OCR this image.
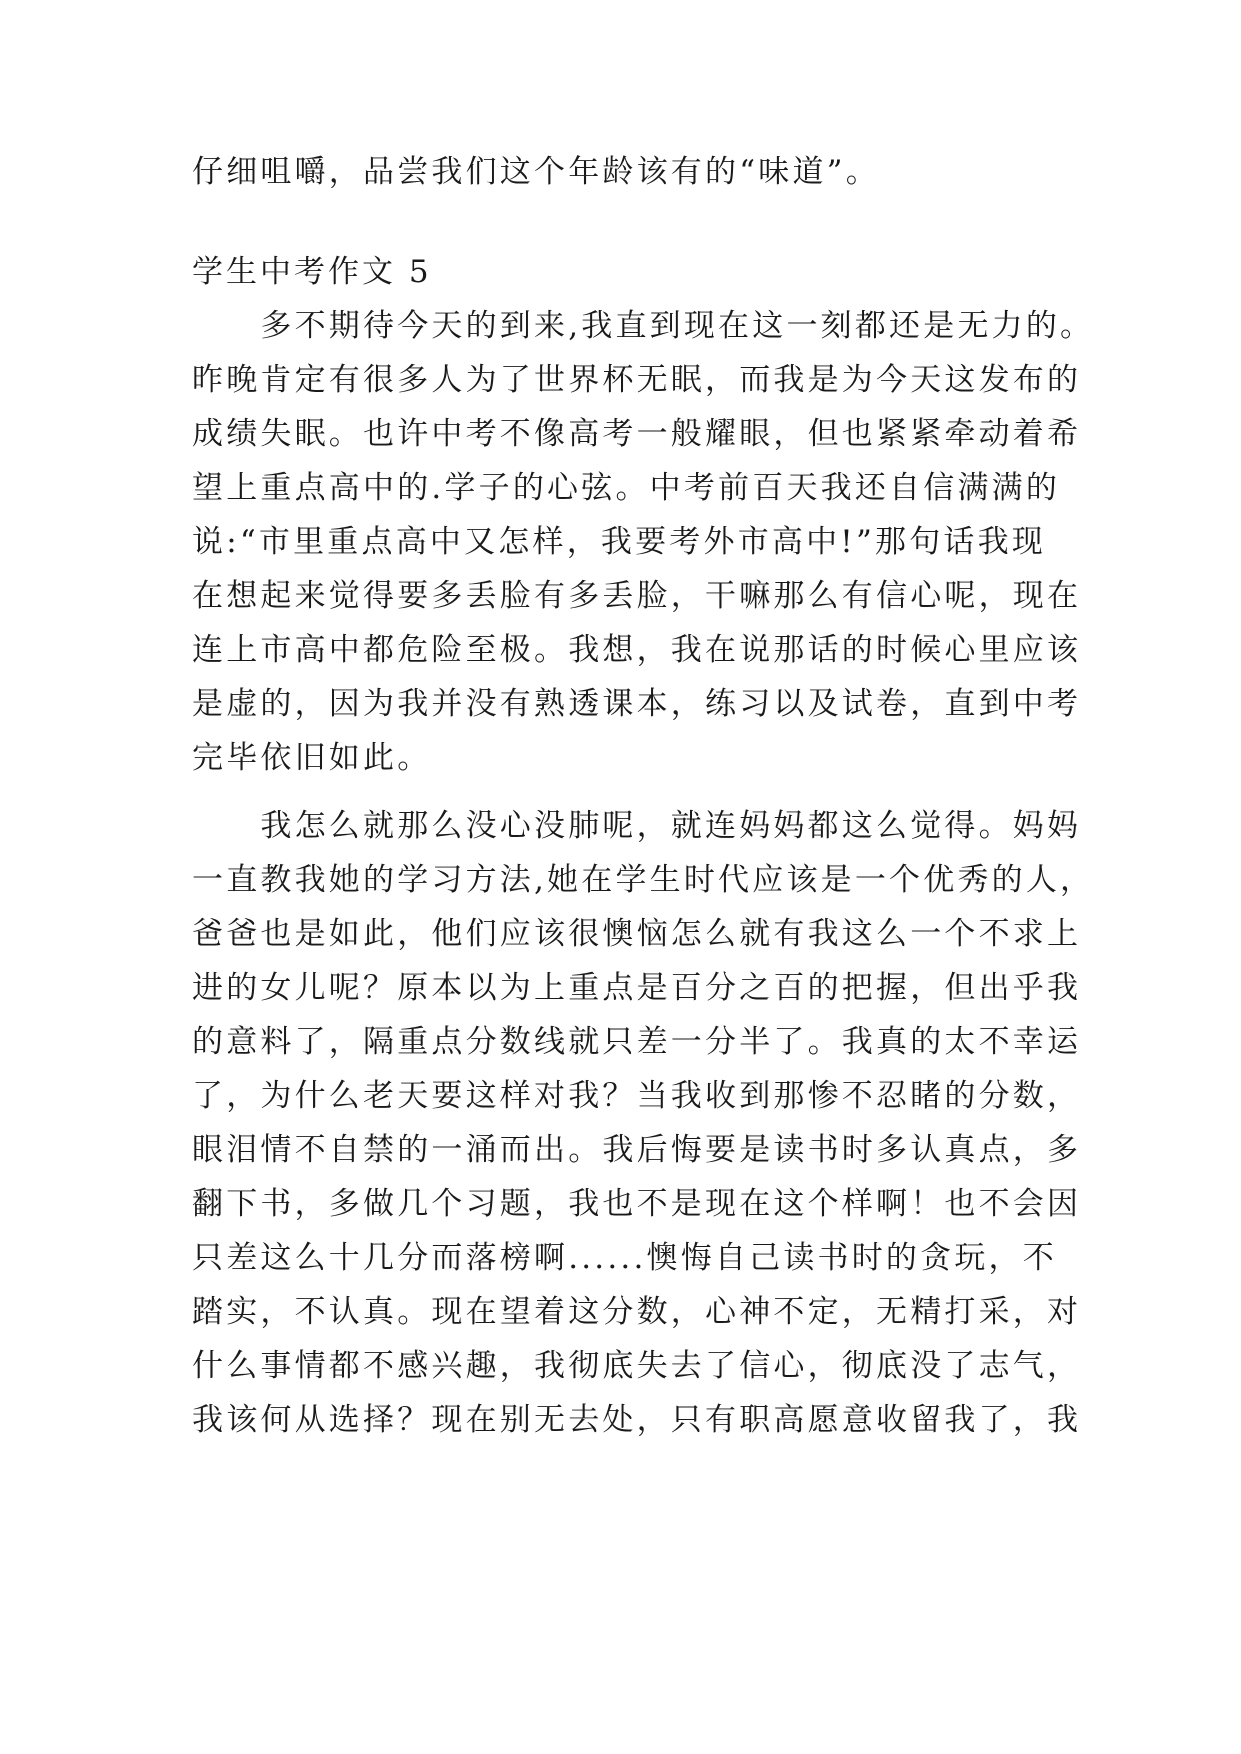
仔细咀嚼，品尝我们这个年龄该有的“味道”。
学生中考作文 5
　　多不期待今天的到来,我直到现在这一刻都还是无力的。
昨晚肯定有很多人为了世界杯无眠，而我是为今天这发布的
成绩失眠。也许中考不像高考一般耀眼，但也紧紧牵动着希
望上重点高中的.学子的心弦。中考前百天我还自信满满的
说:“市里重点高中又怎样，我要考外市高中!”那句话我现
在想起来觉得要多丢脸有多丢脸，干嘛那么有信心呢，现在
连上市高中都危险至极。我想，我在说那话的时候心里应该
是虚的，因为我并没有熟透课本，练习以及试卷，直到中考
完毕依旧如此。
　　我怎么就那么没心没肺呢，就连妈妈都这么觉得。妈妈
一直教我她的学习方法,她在学生时代应该是一个优秀的人，
爸爸也是如此，他们应该很懊恼怎么就有我这么一个不求上
进的女儿呢？原本以为上重点是百分之百的把握，但出乎我
的意料了，隔重点分数线就只差一分半了。我真的太不幸运
了，为什么老天要这样对我？当我收到那惨不忍睹的分数，
眼泪情不自禁的一涌而出。我后悔要是读书时多认真点，多
翻下书，多做几个习题，我也不是现在这个样啊！也不会因
只差这么十几分而落榜啊......懊悔自己读书时的贪玩，不
踏实，不认真。现在望着这分数，心神不定，无精打采，对
什么事情都不感兴趣，我彻底失去了信心，彻底没了志气，
我该何从选择？现在别无去处，只有职高愿意收留我了，我
